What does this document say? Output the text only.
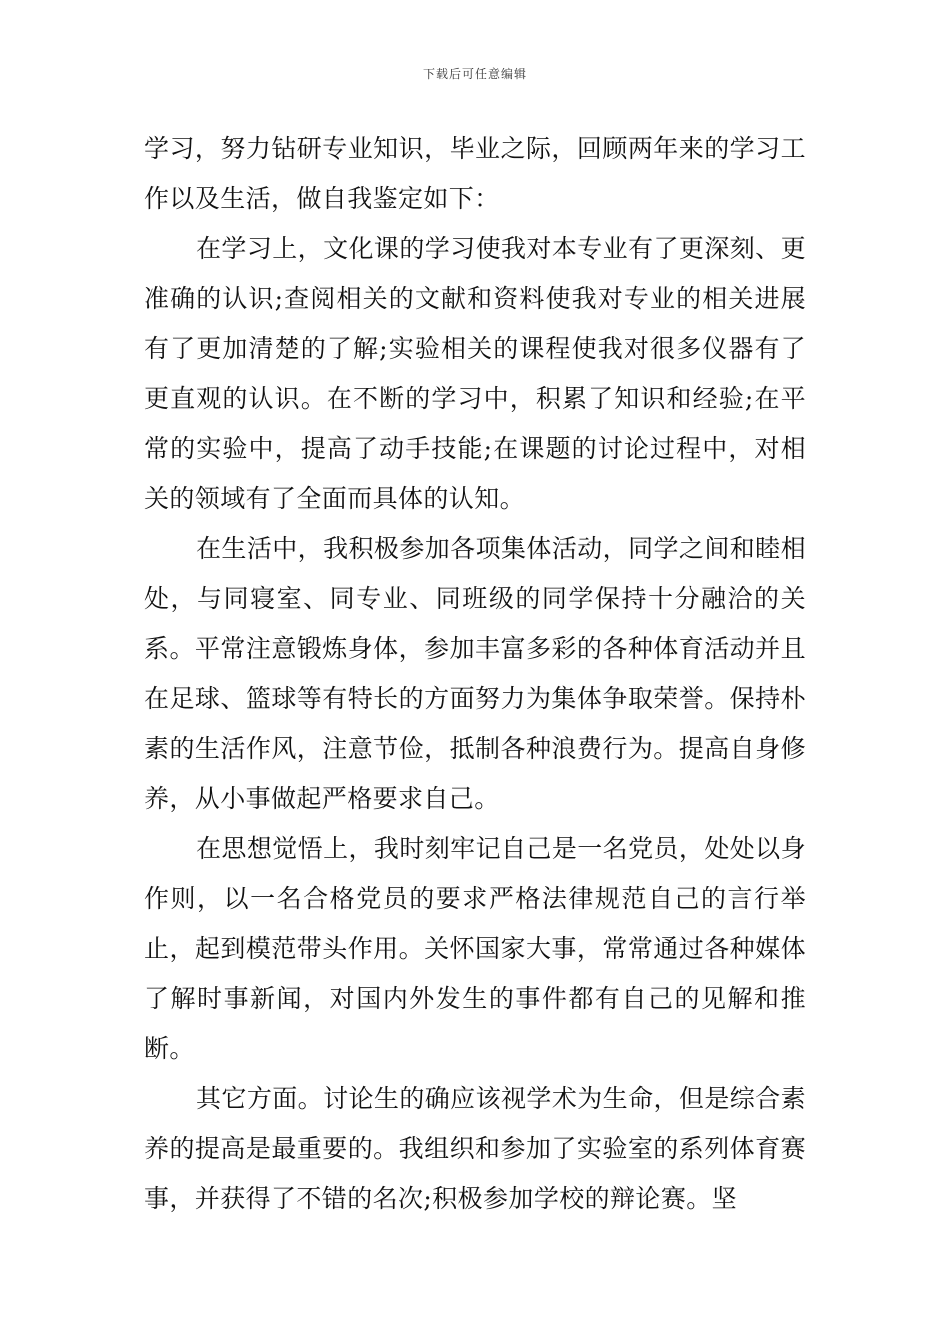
下载后可任意编辑

学习，努力钻研专业知识，毕业之际，回顾两年来的学习工作以及生活，做自我鉴定如下：

在学习上，文化课的学习使我对本专业有了更深刻、更准确的认识;查阅相关的文献和资料使我对专业的相关进展有了更加清楚的了解;实验相关的课程使我对很多仪器有了更直观的认识。在不断的学习中，积累了知识和经验;在平常的实验中，提高了动手技能;在课题的讨论过程中，对相关的领域有了全面而具体的认知。

在生活中，我积极参加各项集体活动，同学之间和睦相处，与同寝室、同专业、同班级的同学保持十分融洽的关系。平常注意锻炼身体，参加丰富多彩的各种体育活动并且在足球、篮球等有特长的方面努力为集体争取荣誉。保持朴素的生活作风，注意节俭，抵制各种浪费行为。提高自身修养，从小事做起严格要求自己。

在思想觉悟上，我时刻牢记自己是一名党员，处处以身作则，以一名合格党员的要求严格法律规范自己的言行举止，起到模范带头作用。关怀国家大事，常常通过各种媒体了解时事新闻，对国内外发生的事件都有自己的见解和推断。

其它方面。讨论生的确应该视学术为生命，但是综合素养的提高是最重要的。我组织和参加了实验室的系列体育赛事，并获得了不错的名次;积极参加学校的辩论赛。坚
